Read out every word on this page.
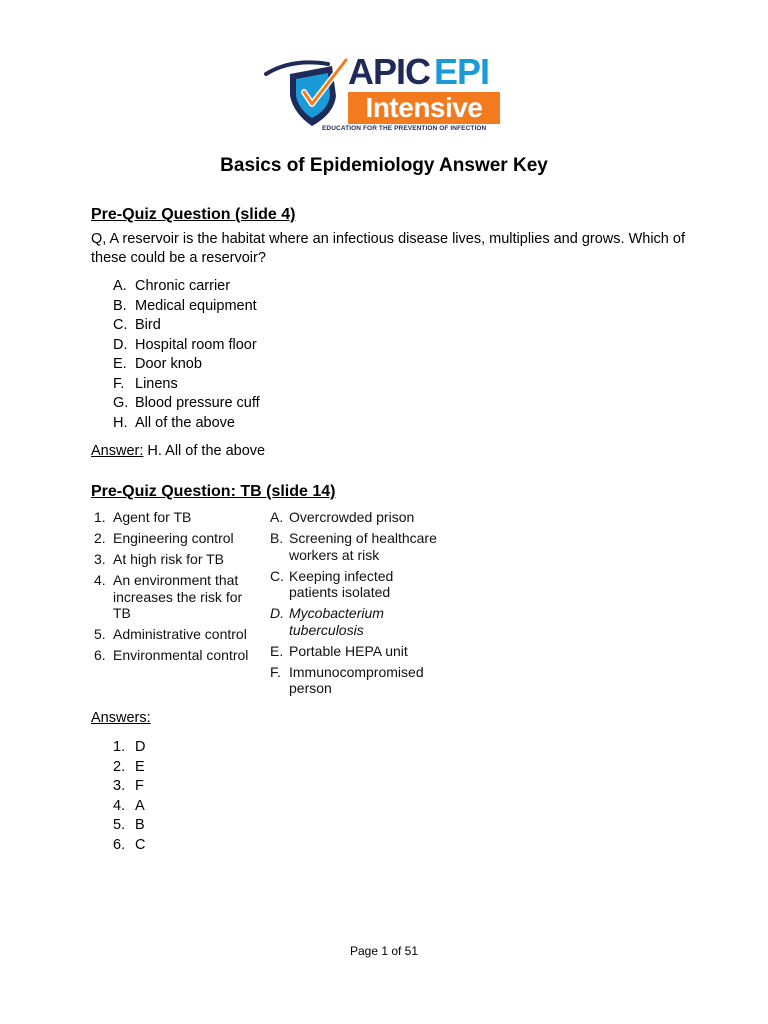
APIC EPI
Intensive
EDUCATION FOR THE PREVENTION OF INFECTION
Basics of Epidemiology Answer Key
Pre-Quiz Question (slide 4)
Q, A reservoir is the habitat where an infectious disease lives, multiplies and grows. Which of these could be a reservoir?
A. Chronic carrier
B. Medical equipment
C. Bird
D. Hospital room floor
E. Door knob
F. Linens
G. Blood pressure cuff
H. All of the above
Answer: H. All of the above
Pre-Quiz Question: TB (slide 14)
1. Agent for TB
2. Engineering control
3. At high risk for TB
4. An environment that increases the risk for TB
5. Administrative control
6. Environmental control
A. Overcrowded prison
B. Screening of healthcare workers at risk
C. Keeping infected patients isolated
D. Mycobacterium tuberculosis
E. Portable HEPA unit
F. Immunocompromised person
Answers:
1. D
2. E
3. F
4. A
5. B
6. C
Page 1 of 51
